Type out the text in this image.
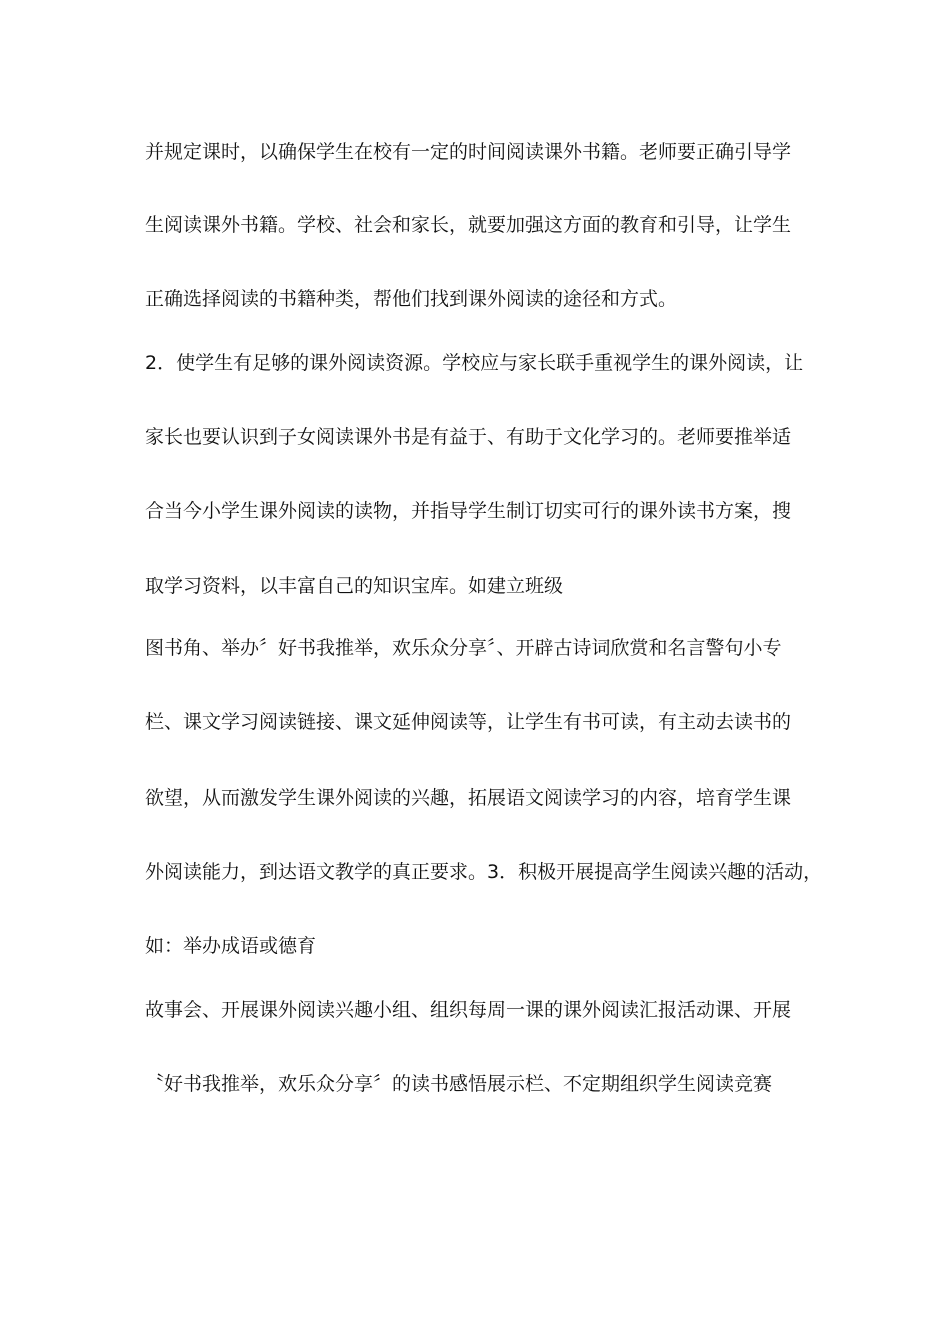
并规定课时，以确保学生在校有一定的时间阅读课外书籍。老师要正确引导学
生阅读课外书籍。学校、社会和家长，就要加强这方面的教育和引导，让学生
正确选择阅读的书籍种类，帮他们找到课外阅读的途径和方式。
2．使学生有足够的课外阅读资源。学校应与家长联手重视学生的课外阅读，让
家长也要认识到子女阅读课外书是有益于、有助于文化学习的。老师要推举适
合当今小学生课外阅读的读物，并指导学生制订切实可行的课外读书方案，搜
取学习资料，以丰富自己的知识宝库。如建立班级
图书角、举办〞好书我推举，欢乐众分享〞、开辟古诗词欣赏和名言警句小专
栏、课文学习阅读链接、课文延伸阅读等，让学生有书可读，有主动去读书的
欲望，从而激发学生课外阅读的兴趣，拓展语文阅读学习的内容，培育学生课
外阅读能力，到达语文教学的真正要求。3．积极开展提高学生阅读兴趣的活动，
如：举办成语或德育
故事会、开展课外阅读兴趣小组、组织每周一课的课外阅读汇报活动课、开展
〝好书我推举，欢乐众分享〞的读书感悟展示栏、不定期组织学生阅读竞赛
